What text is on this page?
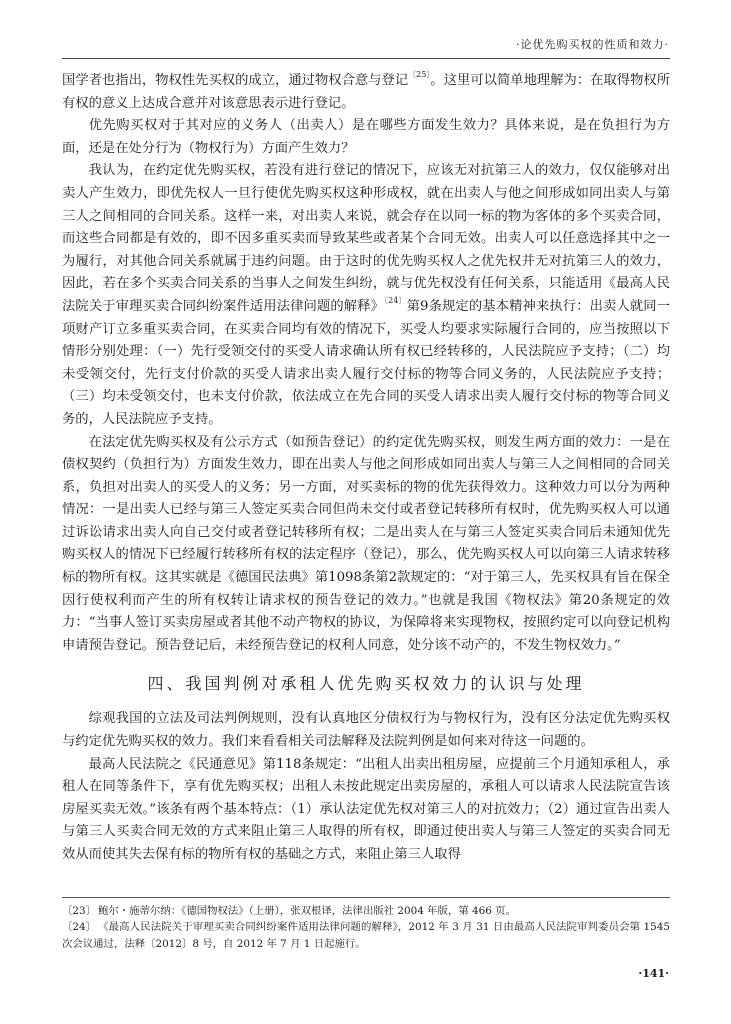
·论优先购买权的性质和效力·

国学者也指出，物权性先买权的成立，通过物权合意与登记$^{〔25〕}$。这里可以简单地理解为：在取得物权所有权的意义上达成合意并对该意思表示进行登记。

优先购买权对于其对应的义务人（出卖人）是在哪些方面发生效力？具体来说，是在负担行为方面，还是在处分行为（物权行为）方面产生效力？

我认为，在约定优先购买权，若没有进行登记的情况下，应该无对抗第三人的效力，仅仅能够对出卖人产生效力，即优先权人一旦行使优先购买权这种形成权，就在出卖人与他之间形成如同出卖人与第三人之间相同的合同关系。这样一来，对出卖人来说，就会存在以同一标的物为客体的多个买卖合同，而这些合同都是有效的，即不因多重买卖而导致某些或者某个合同无效。出卖人可以任意选择其中之一为履行，对其他合同关系就属于违约问题。由于这时的优先购买权人之优先权并无对抗第三人的效力，因此，若在多个买卖合同关系的当事人之间发生纠纷，就与优先权没有任何关系，只能适用《最高人民法院关于审理买卖合同纠纷案件适用法律问题的解释》$^{〔24〕}$第9条规定的基本精神来执行：出卖人就同一项财产订立多重买卖合同，在买卖合同均有效的情况下，买受人均要求实际履行合同的，应当按照以下情形分别处理：（一）先行受领交付的买受人请求确认所有权已经转移的，人民法院应予支持；（二）均未受领交付，先行支付价款的买受人请求出卖人履行交付标的物等合同义务的，人民法院应予支持；（三）均未受领交付，也未支付价款，依法成立在先合同的买受人请求出卖人履行交付标的物等合同义务的，人民法院应予支持。

在法定优先购买权及有公示方式（如预告登记）的约定优先购买权，则发生两方面的效力：一是在债权契约（负担行为）方面发生效力，即在出卖人与他之间形成如同出卖人与第三人之间相同的合同关系，负担对出卖人的买受人的义务；另一方面，对买卖标的物的优先获得效力。这种效力可以分为两种情况：一是出卖人已经与第三人签定买卖合同但尚未交付或者登记转移所有权时，优先购买权人可以通过诉讼请求出卖人向自己交付或者登记转移所有权；二是出卖人在与第三人签定买卖合同后未通知优先购买权人的情况下已经履行转移所有权的法定程序（登记），那么，优先购买权人可以向第三人请求转移标的物所有权。这其实就是《德国民法典》第1098条第2款规定的：“对于第三人，先买权具有旨在保全因行使权利而产生的所有权转让请求权的预告登记的效力。”也就是我国《物权法》第20条规定的效力：“当事人签订买卖房屋或者其他不动产物权的协议，为保障将来实现物权，按照约定可以向登记机构申请预告登记。预告登记后，未经预告登记的权利人同意，处分该不动产的，不发生物权效力。”

四、我国判例对承租人优先购买权效力的认识与处理

综观我国的立法及司法判例规则，没有认真地区分债权行为与物权行为，没有区分法定优先购买权与约定优先购买权的效力。我们来看看相关司法解释及法院判例是如何来对待这一问题的。

最高人民法院之《民通意见》第118条规定：“出租人出卖出租房屋，应提前三个月通知承租人，承租人在同等条件下，享有优先购买权；出租人未按此规定出卖房屋的，承租人可以请求人民法院宣告该房屋买卖无效。”该条有两个基本特点：（1）承认法定优先权对第三人的对抗效力；（2）通过宣告出卖人与第三人买卖合同无效的方式来阻止第三人取得的所有权，即通过使出卖人与第三人签定的买卖合同无效从而使其失去保有标的物所有权的基础之方式，来阻止第三人取得

〔23〕 鲍尔・施蒂尔纳：《德国物权法》（上册），张双根译，法律出版社 2004 年版，第 466 页。

〔24〕 《最高人民法院关于审理买卖合同纠纷案件适用法律问题的解释》，2012 年 3 月 31 日由最高人民法院审判委员会第 1545 次会议通过，法释〔2012〕8 号，自 2012 年 7 月 1 日起施行。

·141·
